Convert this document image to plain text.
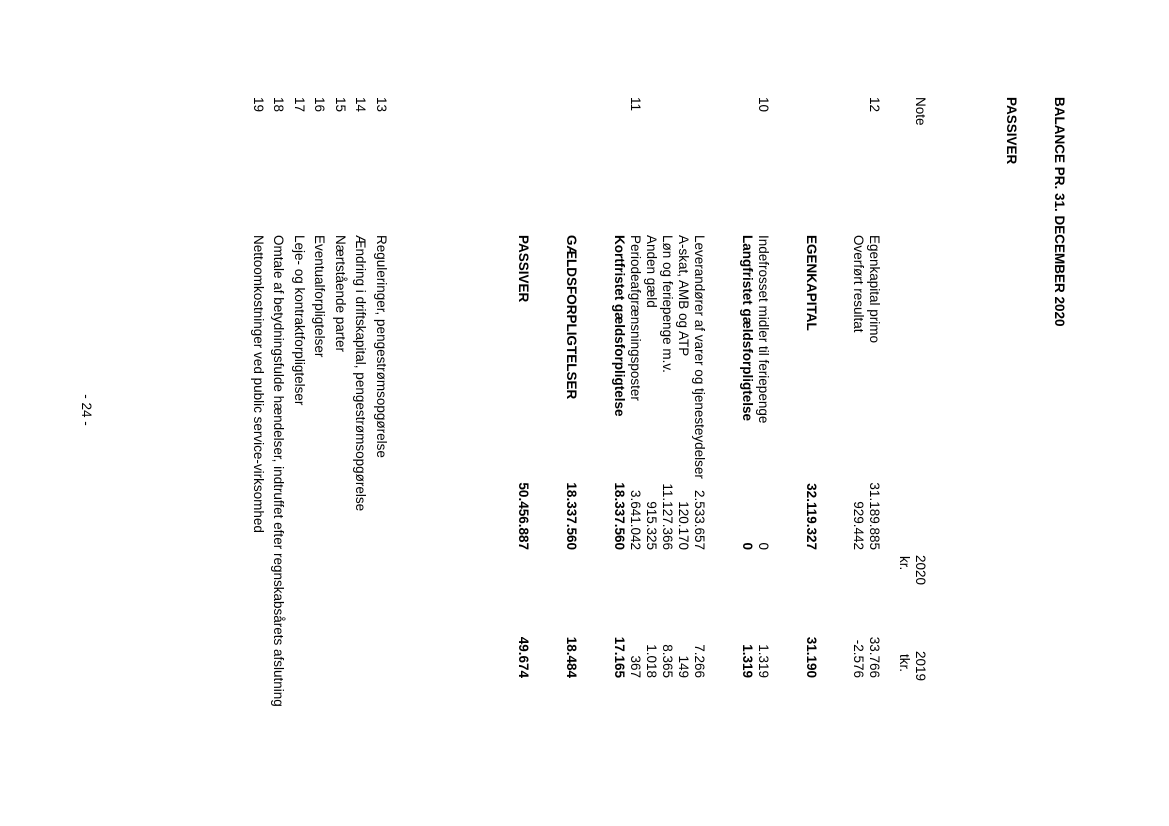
BALANCE PR. 31. DECEMBER 2020
PASSIVER
Note
2020
kr.
2019
tkr.
12
Egenkapital primo
31.189.885
33.766
Overført resultat
929.442
-2.576
EGENKAPITAL
32.119.327
31.190
10
Indefrosset midler til feriepenge
0
1.319
Langfristet gældsforpligtelse
0
1.319
Leverandører af varer og tjenesteydelser
2.533.657
7.266
A-skat, AMB og ATP
120.170
149
Løn og feriepenge m.v.
11.127.366
8.365
Anden gæld
915.325
1.018
11
Periodeafgrænsningsposter
3.641.042
367
Kortfristet gældsforpligtelse
18.337.560
17.165
GÆLDSFORPLIGTELSER
18.337.560
18.484
PASSIVER
50.456.887
49.674
13
Reguleringer, pengestrømsopgørelse
14
Ændring i driftskapital, pengestrømsopgørelse
15
Nærtstående parter
16
Eventualforpligtelser
17
Leje- og kontraktforpligtelser
18
Omtale af betydningsfulde hændelser, indtruffet efter regnskabsårets afslutning
19
Nettoomkostninger ved public service-virksomhed
- 24 -
